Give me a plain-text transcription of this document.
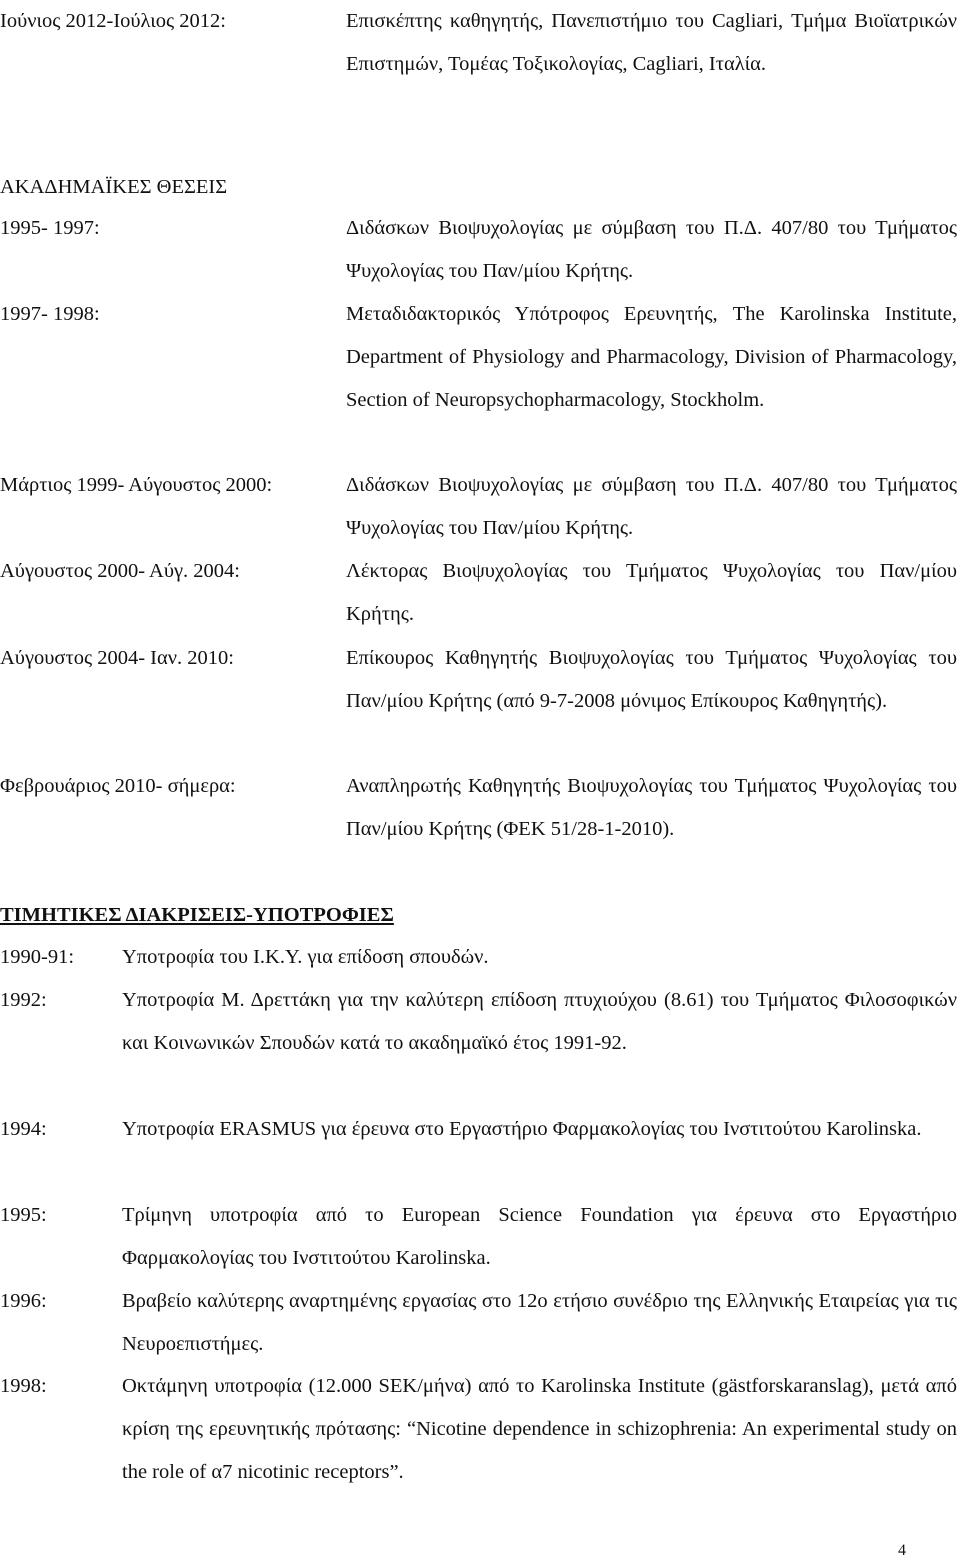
Ιούνιος 2012-Ιούλιος 2012:	Επισκέπτης καθηγητής, Πανεπιστήμιο του Cagliari, Τμήμα Βιοϊατρικών Επιστημών, Τομέας Τοξικολογίας, Cagliari, Ιταλία.
ΑΚΑΔΗΜΑΪΚΕΣ ΘΕΣΕΙΣ
1995- 1997:	Διδάσκων Βιοψυχολογίας με σύμβαση του Π.Δ. 407/80 του Τμήματος Ψυχολογίας του Παν/μίου Κρήτης.
1997- 1998:	Μεταδιδακτορικός Υπότροφος Ερευνητής, The Karolinska Institute, Department of Physiology and Pharmacology, Division of Pharmacology, Section of Neuropsychopharmacology, Stockholm.
Μάρτιος 1999- Αύγουστος 2000:	Διδάσκων Βιοψυχολογίας με σύμβαση του Π.Δ. 407/80 του Τμήματος Ψυχολογίας του Παν/μίου Κρήτης.
Αύγουστος 2000- Αύγ. 2004:	Λέκτορας Βιοψυχολογίας του Τμήματος Ψυχολογίας του Παν/μίου Κρήτης.
Αύγουστος 2004- Ιαν. 2010:	Επίκουρος Καθηγητής Βιοψυχολογίας του Τμήματος Ψυχολογίας του Παν/μίου Κρήτης (από 9-7-2008 μόνιμος Επίκουρος Καθηγητής).
Φεβρουάριος 2010- σήμερα:	Αναπληρωτής Καθηγητής Βιοψυχολογίας του Τμήματος Ψυχολογίας του Παν/μίου Κρήτης (ΦΕΚ 51/28-1-2010).
ΤΙΜΗΤΙΚΕΣ ΔΙΑΚΡΙΣΕΙΣ-ΥΠΟΤΡΟΦΙΕΣ
1990-91:	Υποτροφία του Ι.Κ.Υ. για επίδοση σπουδών.
1992:	Υποτροφία Μ. Δρεττάκη για την καλύτερη επίδοση πτυχιούχου (8.61) του Τμήματος Φιλοσοφικών και Κοινωνικών Σπουδών κατά το ακαδημαϊκό έτος 1991-92.
1994:	Υποτροφία ERASMUS για έρευνα στο Εργαστήριο Φαρμακολογίας του Ινστιτούτου Karolinska.
1995:	Τρίμηνη υποτροφία από το European Science Foundation για έρευνα στο Εργαστήριο Φαρμακολογίας του Ινστιτούτου Karolinska.
1996:	Βραβείο καλύτερης αναρτημένης εργασίας στο 12ο ετήσιο συνέδριο της Ελληνικής Εταιρείας για τις Νευροεπιστήμες.
1998:	Οκτάμηνη υποτροφία (12.000 SEK/μήνα) από το Karolinska Institute (gästforskaranslag), μετά από κρίση της ερευνητικής πρότασης: “Nicotine dependence in schizophrenia: An experimental study on the role of α7 nicotinic receptors”.
4
